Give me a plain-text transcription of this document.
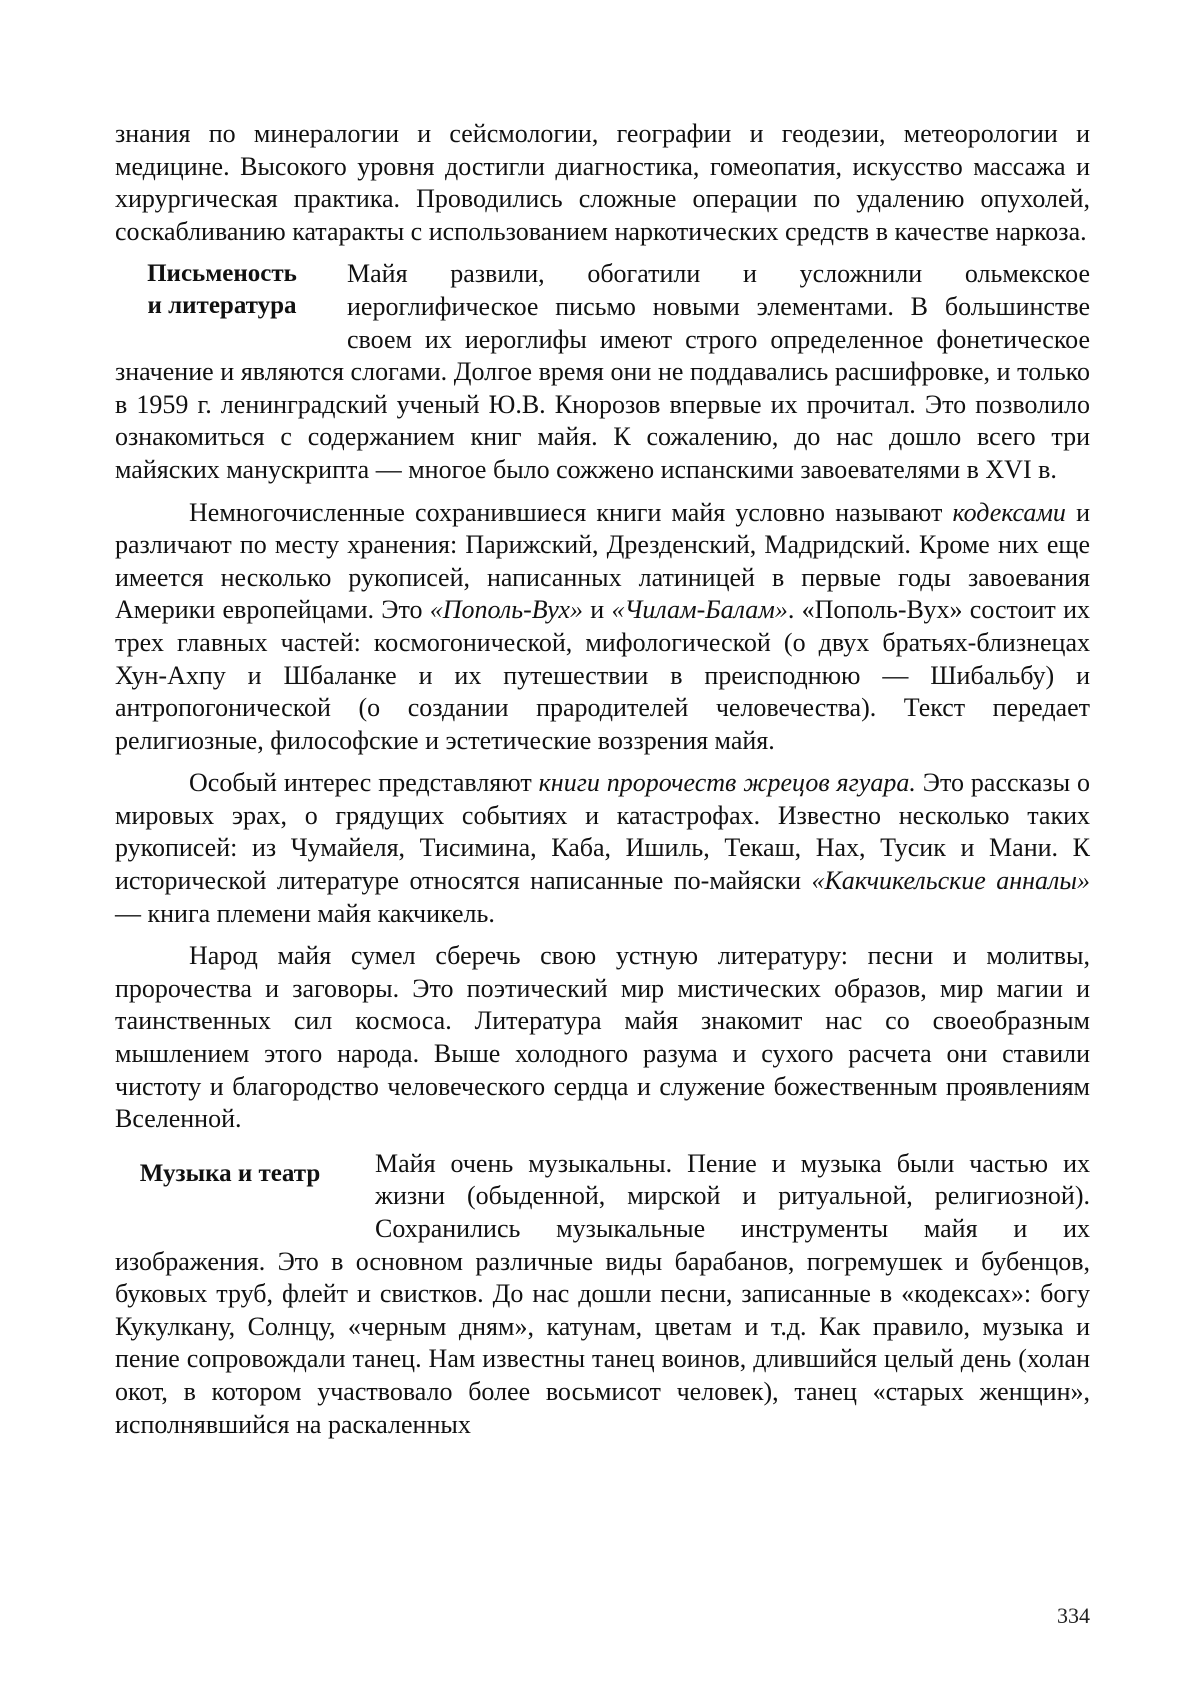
знания по минералогии и сейсмологии, географии и геодезии, метеорологии и медицине. Высокого уровня достигли диагностика, гомеопатия, искусство массажа и хирургическая практика. Проводились сложные операции по удалению опухолей, соскабливанию катаракты с использованием наркотических средств в качестве наркоза.

Письменость
и литература

Майя развили, обогатили и усложнили ольмекское иероглифическое письмо новыми элементами. В большинстве своем их иероглифы имеют строго определенное фонетическое значение и являются слогами. Долгое время они не поддавались расшифровке, и только в 1959 г. ленинградский ученый Ю.В. Кнорозов впервые их прочитал. Это позволило ознакомиться с содержанием книг майя. К сожалению, до нас дошло всего три майяских манускрипта — многое было сожжено испанскими завоевателями в XVI в.

Немногочисленные сохранившиеся книги майя условно называют кодексами и различают по месту хранения: Парижский, Дрезденский, Мадридский. Кроме них еще имеется несколько рукописей, написанных латиницей в первые годы завоевания Америки европейцами. Это «Пополь-Вух» и «Чилам-Балам». «Пополь-Вух» состоит их трех главных частей: космогонической, мифологической (о двух братьях-близнецах Хун-Ахпу и Шбаланке и их путешествии в преисподнюю — Шибальбу) и антропогонической (о создании прародителей человечества). Текст передает религиозные, философские и эстетические воззрения майя.

Особый интерес представляют книги пророчеств жрецов ягуара. Это рассказы о мировых эрах, о грядущих событиях и катастрофах. Известно несколько таких рукописей: из Чумайеля, Тисимина, Каба, Ишиль, Текаш, Нах, Тусик и Мани. К исторической литературе относятся написанные по-майяски «Какчикельские анналы» — книга племени майя какчикель.

Народ майя сумел сберечь свою устную литературу: песни и молитвы, пророчества и заговоры. Это поэтический мир мистических образов, мир магии и таинственных сил космоса. Литература майя знакомит нас со своеобразным мышлением этого народа. Выше холодного разума и сухого расчета они ставили чистоту и благородство человеческого сердца и служение божественным проявлениям Вселенной.

Музыка и театр	Майя очень музыкальны. Пение и музыка были частью их жизни (обыденной, мирской и ритуальной, религиозной). Сохранились музыкальные инструменты майя и их изображения. Это в основном различные виды барабанов, погремушек и бубенцов, буковых труб, флейт и свистков. До нас дошли песни, записанные в «кодексах»: богу Кукулкану, Солнцу, «черным дням», катунам, цветам и т.д. Как правило, музыка и пение сопровождали танец. Нам известны танец воинов, длившийся целый день (холан окот, в котором участвовало более восьмисот человек), танец «старых женщин», исполнявшийся на раскаленных

334
